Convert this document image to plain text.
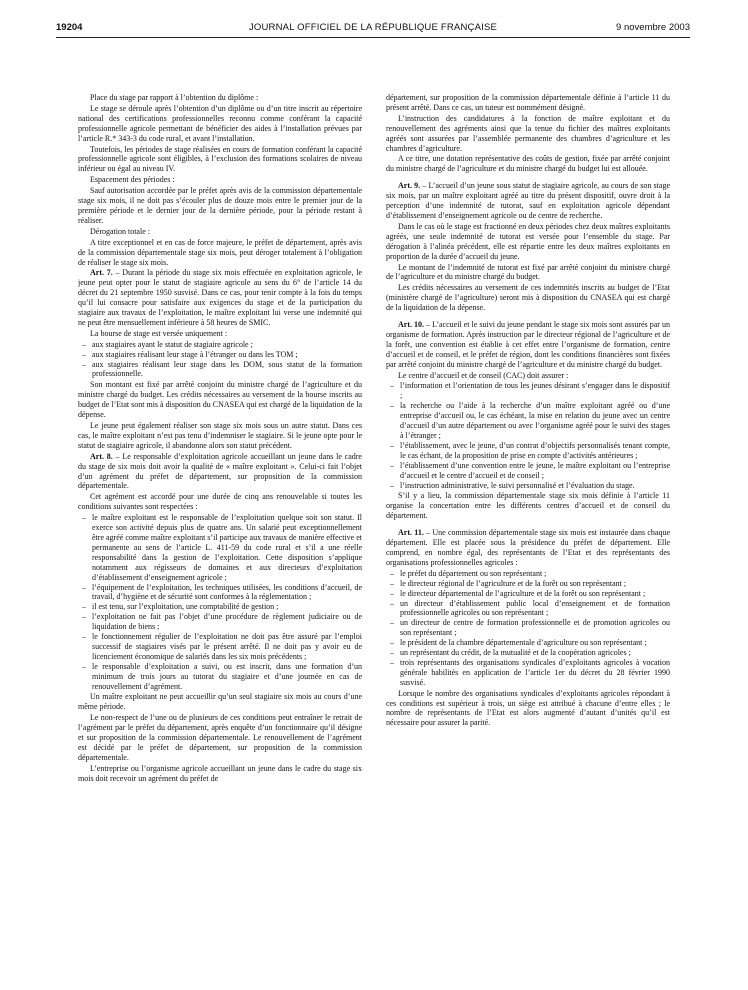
19204	JOURNAL OFFICIEL DE LA RÉPUBLIQUE FRANÇAISE	9 novembre 2003

Place du stage par rapport à l’obtention du diplôme :

Le stage se déroule après l’obtention d’un diplôme ou d’un titre inscrit au répertoire national des certifications professionnelles reconnu comme conférant la capacité professionnelle agricole permettant de bénéficier des aides à l’installation prévues par l’article R.* 343-3 du code rural, et avant l’installation.

Toutefois, les périodes de stage réalisées en cours de formation conférant la capacité professionnelle agricole sont éligibles, à l’exclusion des formations scolaires de niveau inférieur ou égal au niveau IV.

Espacement des périodes :

Sauf autorisation accordée par le préfet après avis de la commission départementale stage six mois, il ne doit pas s’écouler plus de douze mois entre le premier jour de la première période et le dernier jour de la dernière période, pour la période restant à réaliser.

Dérogation totale :

A titre exceptionnel et en cas de force majeure, le préfet de département, après avis de la commission départementale stage six mois, peut déroger totalement à l’obligation de réaliser le stage six mois.

Art. 7. – Durant la période du stage six mois effectuée en exploitation agricole, le jeune peut opter pour le statut de stagiaire agricole au sens du 6° de l’article 14 du décret du 21 septembre 1950 susvisé. Dans ce cas, pour tenir compte à la fois du temps qu’il lui consacre pour satisfaire aux exigences du stage et de la participation du stagiaire aux travaux de l’exploitation, le maître exploitant lui verse une indemnité qui ne peut être mensuellement inférieure à 58 heures de SMIC.

La bourse de stage est versée uniquement :

– aux stagiaires ayant le statut de stagiaire agricole ;
– aux stagiaires réalisant leur stage à l’étranger ou dans les TOM ;
– aux stagiaires réalisant leur stage dans les DOM, sous statut de la formation professionnelle.

Son montant est fixé par arrêté conjoint du ministre chargé de l’agriculture et du ministre chargé du budget. Les crédits nécessaires au versement de la bourse inscrits au budget de l’Etat sont mis à disposition du CNASEA qui est chargé de la liquidation de la dépense.

Le jeune peut également réaliser son stage six mois sous un autre statut. Dans ces cas, le maître exploitant n’est pas tenu d’indemniser le stagiaire. Si le jeune opte pour le statut de stagiaire agricole, il abandonne alors son statut précédent.

Art. 8. – Le responsable d’exploitation agricole accueillant un jeune dans le cadre du stage de six mois doit avoir la qualité de « maître exploitant ». Celui-ci fait l’objet d’un agrément du préfet de département, sur proposition de la commission départementale.

Cet agrément est accordé pour une durée de cinq ans renouvelable si toutes les conditions suivantes sont respectées :

– le maître exploitant est le responsable de l’exploitation quelque soit son statut. Il exerce son activité depuis plus de quatre ans. Un salarié peut exceptionnellement être agréé comme maître exploitant s’il participe aux travaux de manière effective et permanente au sens de l’article L. 411-59 du code rural et s’il a une réelle responsabilité dans la gestion de l’exploitation. Cette disposition s’applique notamment aux régisseurs de domaines et aux directeurs d’exploitation d’établissement d’enseignement agricole ;
– l’équipement de l’exploitation, les techniques utilisées, les conditions d’accueil, de travail, d’hygiène et de sécurité sont conformes à la réglementation ;
– il est tenu, sur l’exploitation, une comptabilité de gestion ;
– l’exploitation ne fait pas l’objet d’une procédure de règlement judiciaire ou de liquidation de biens ;
– le fonctionnement régulier de l’exploitation ne doit pas être assuré par l’emploi successif de stagiaires visés par le présent arrêté. Il ne doit pas y avoir eu de licenciement économique de salariés dans les six mois précédents ;
– le responsable d’exploitation a suivi, ou est inscrit, dans une formation d’un minimum de trois jours au tutorat du stagiaire et d’une journée en cas de renouvellement d’agrément.

Un maître exploitant ne peut accueillir qu’un seul stagiaire six mois au cours d’une même période.

Le non-respect de l’une ou de plusieurs de ces conditions peut entraîner le retrait de l’agrément par le préfet du département, après enquête d’un fonctionnaire qu’il désigne et sur proposition de la commission départementale. Le renouvellement de l’agrément est décidé par le préfet de département, sur proposition de la commission départementale.

L’entreprise ou l’organisme agricole accueillant un jeune dans le cadre du stage six mois doit recevoir un agrément du préfet de

département, sur proposition de la commission départementale définie à l’article 11 du présent arrêté. Dans ce cas, un tuteur est nommément désigné.

L’instruction des candidatures à la fonction de maître exploitant et du renouvellement des agréments ainsi que la tenue du fichier des maîtres exploitants agréés sont assurées par l’assemblée permanente des chambres d’agriculture et les chambres d’agriculture.

A ce titre, une dotation représentative des coûts de gestion, fixée par arrêté conjoint du ministre chargé de l’agriculture et du ministre chargé du budget lui est allouée.

Art. 9. – L’accueil d’un jeune sous statut de stagiaire agricole, au cours de son stage six mois, par un maître exploitant agréé au titre du présent dispositif, ouvre droit à la perception d’une indemnité de tutorat, sauf en exploitation agricole dépendant d’établissement d’enseignement agricole ou de centre de recherche.

Dans le cas où le stage est fractionné en deux périodes chez deux maîtres exploitants agréés, une seule indemnité de tutorat est versée pour l’ensemble du stage. Par dérogation à l’alinéa précédent, elle est répartie entre les deux maîtres exploitants en proportion de la durée d’accueil du jeune.

Le montant de l’indemnité de tutorat est fixé par arrêté conjoint du ministre chargé de l’agriculture et du ministre chargé du budget.

Les crédits nécessaires au versement de ces indemnités inscrits au budget de l’Etat (ministère chargé de l’agriculture) seront mis à disposition du CNASEA qui est chargé de la liquidation de la dépense.

Art. 10. – L’accueil et le suivi du jeune pendant le stage six mois sont assurés par un organisme de formation. Après instruction par le directeur régional de l’agriculture et de la forêt, une convention est établie à cet effet entre l’organisme de formation, centre d’accueil et de conseil, et le préfet de région, dont les conditions financières sont fixées par arrêté conjoint du ministre chargé de l’agriculture et du ministre chargé du budget.

Le centre d’accueil et de conseil (CAC) doit assurer :

– l’information et l’orientation de tous les jeunes désirant s’engager dans le dispositif ;
– la recherche ou l’aide à la recherche d’un maître exploitant agréé ou d’une entreprise d’accueil ou, le cas échéant, la mise en relation du jeune avec un centre d’accueil d’un autre département ou avec l’organisme agréé pour le suivi des stages à l’étranger ;
– l’établissement, avec le jeune, d’un contrat d’objectifs personnalisés tenant compte, le cas échant, de la proposition de prise en compte d’activités antérieures ;
– l’établissement d’une convention entre le jeune, le maître exploitant ou l’entreprise d’accueil et le centre d’accueil et de conseil ;
– l’instruction administrative, le suivi personnalisé et l’évaluation du stage.

S’il y a lieu, la commission départementale stage six mois définie à l’article 11 organise la concertation entre les différents centres d’accueil et de conseil du département.

Art. 11. – Une commission départementale stage six mois est instaurée dans chaque département. Elle est placée sous la présidence du préfet de département. Elle comprend, en nombre égal, des représentants de l’Etat et des représentants des organisations professionnelles agricoles :

– le préfet du département ou son représentant ;
– le directeur régional de l’agriculture et de la forêt ou son représentant ;
– le directeur départemental de l’agriculture et de la forêt ou son représentant ;
– un directeur d’établissement public local d’enseignement et de formation professionnelle agricoles ou son représentant ;
– un directeur de centre de formation professionnelle et de promotion agricoles ou son représentant ;
– le président de la chambre départementale d’agriculture ou son représentant ;
– un représentant du crédit, de la mutualité et de la coopération agricoles ;
– trois représentants des organisations syndicales d’exploitants agricoles à vocation générale habilités en application de l’article 1er du décret du 28 février 1990 susvisé.

Lorsque le nombre des organisations syndicales d’exploitants agricoles répondant à ces conditions est supérieur à trois, un siège est attribué à chacune d’entre elles ; le nombre de représentants de l’Etat est alors augmenté d’autant d’unités qu’il est nécessaire pour assurer la parité.
